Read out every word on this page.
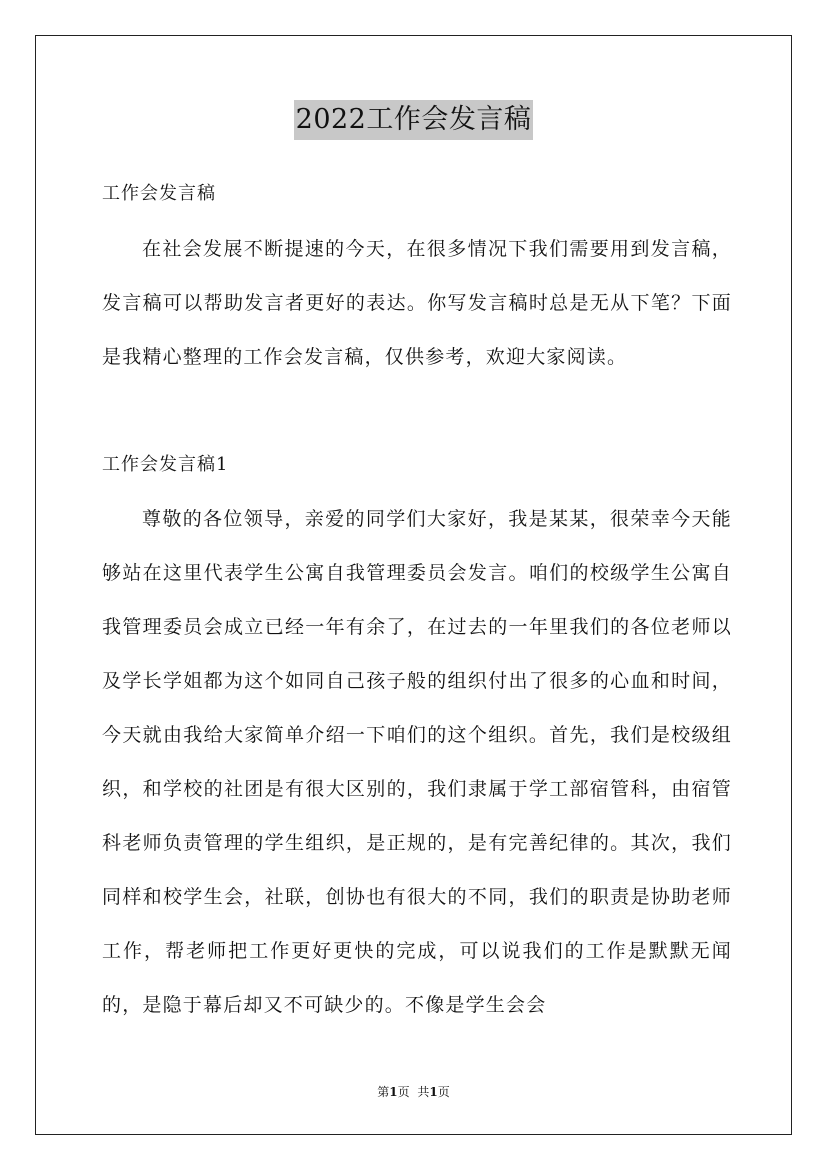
2022工作会发言稿
工作会发言稿

在社会发展不断提速的今天，在很多情况下我们需要用到发言稿，发言稿可以帮助发言者更好的表达。你写发言稿时总是无从下笔？下面是我精心整理的工作会发言稿，仅供参考，欢迎大家阅读。

工作会发言稿1

尊敬的各位领导，亲爱的同学们大家好，我是某某，很荣幸今天能够站在这里代表学生公寓自我管理委员会发言。咱们的校级学生公寓自我管理委员会成立已经一年有余了，在过去的一年里我们的各位老师以及学长学姐都为这个如同自己孩子般的组织付出了很多的心血和时间，今天就由我给大家简单介绍一下咱们的这个组织。首先，我们是校级组织，和学校的社团是有很大区别的，我们隶属于学工部宿管科，由宿管科老师负责管理的学生组织，是正规的，是有完善纪律的。其次，我们同样和校学生会，社联，创协也有很大的不同，我们的职责是协助老师工作，帮老师把工作更好更快的完成，可以说我们的工作是默默无闻的，是隐于幕后却又不可缺少的。不像是学生会会

第1页 共1页
